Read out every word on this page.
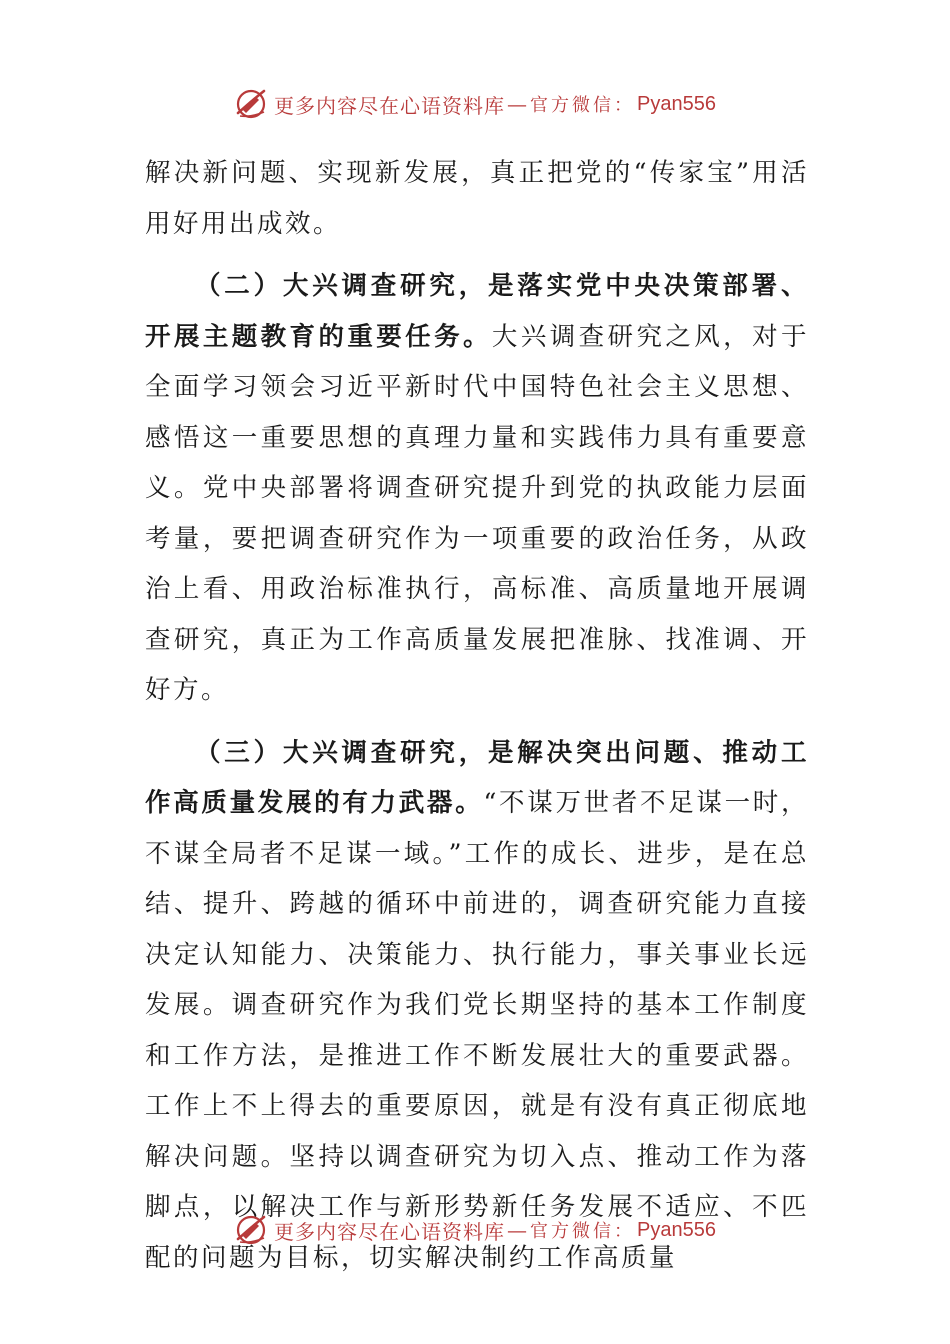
更多内容尽在心语资料库 — 官方微信： Pyan556

解决新问题、实现新发展，真正把党的“传家宝”用活用好用出成效。

（二）大兴调查研究，是落实党中央决策部署、开展主题教育的重要任务。大兴调查研究之风，对于全面学习领会习近平新时代中国特色社会主义思想、感悟这一重要思想的真理力量和实践伟力具有重要意义。党中央部署将调查研究提升到党的执政能力层面考量，要把调查研究作为一项重要的政治任务，从政治上看、用政治标准执行，高标准、高质量地开展调查研究，真正为工作高质量发展把准脉、找准调、开好方。

（三）大兴调查研究，是解决突出问题、推动工作高质量发展的有力武器。“不谋万世者不足谋一时，不谋全局者不足谋一域。”工作的成长、进步，是在总结、提升、跨越的循环中前进的，调查研究能力直接决定认知能力、决策能力、执行能力，事关事业长远发展。调查研究作为我们党长期坚持的基本工作制度和工作方法，是推进工作不断发展壮大的重要武器。工作上不上得去的重要原因，就是有没有真正彻底地解决问题。坚持以调查研究为切入点、推动工作为落脚点，以解决工作与新形势新任务发展不适应、不匹配的问题为目标，切实解决制约工作高质量

更多内容尽在心语资料库 — 官方微信： Pyan556
